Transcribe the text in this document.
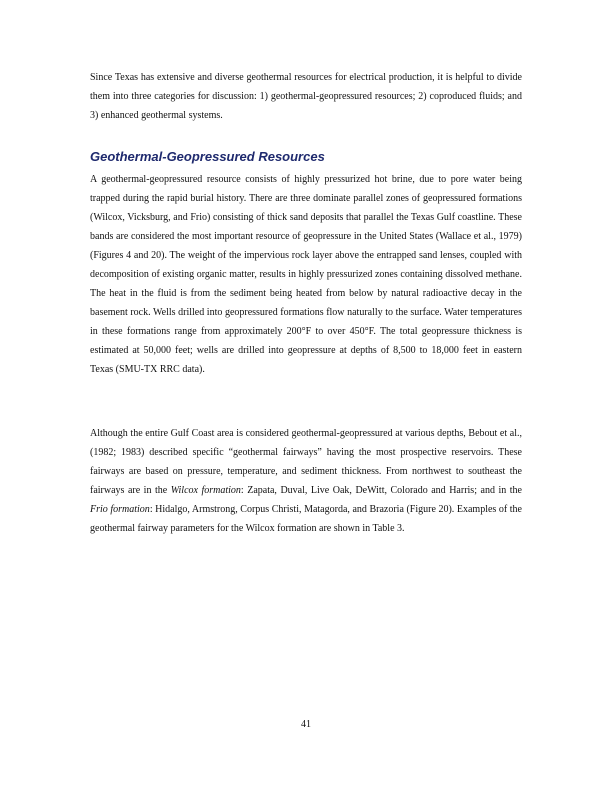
Since Texas has extensive and diverse geothermal resources for electrical production, it is helpful to divide them into three categories for discussion: 1) geothermal-geopressured resources; 2) coproduced fluids; and 3) enhanced geothermal systems.

Geothermal-Geopressured Resources

A geothermal-geopressured resource consists of highly pressurized hot brine, due to pore water being trapped during the rapid burial history. There are three dominate parallel zones of geopressured formations (Wilcox, Vicksburg, and Frio) consisting of thick sand deposits that parallel the Texas Gulf coastline. These bands are considered the most important resource of geopressure in the United States (Wallace et al., 1979) (Figures 4 and 20). The weight of the impervious rock layer above the entrapped sand lenses, coupled with decomposition of existing organic matter, results in highly pressurized zones containing dissolved methane. The heat in the fluid is from the sediment being heated from below by natural radioactive decay in the basement rock. Wells drilled into geopressured formations flow naturally to the surface. Water temperatures in these formations range from approximately 200°F to over 450°F. The total geopressure thickness is estimated at 50,000 feet; wells are drilled into geopressure at depths of 8,500 to 18,000 feet in eastern Texas (SMU-TX RRC data).

Although the entire Gulf Coast area is considered geothermal-geopressured at various depths, Bebout et al., (1982; 1983) described specific “geothermal fairways” having the most prospective reservoirs. These fairways are based on pressure, temperature, and sediment thickness. From northwest to southeast the fairways are in the Wilcox formation: Zapata, Duval, Live Oak, DeWitt, Colorado and Harris; and in the Frio formation: Hidalgo, Armstrong, Corpus Christi, Matagorda, and Brazoria (Figure 20). Examples of the geothermal fairway parameters for the Wilcox formation are shown in Table 3.

41
